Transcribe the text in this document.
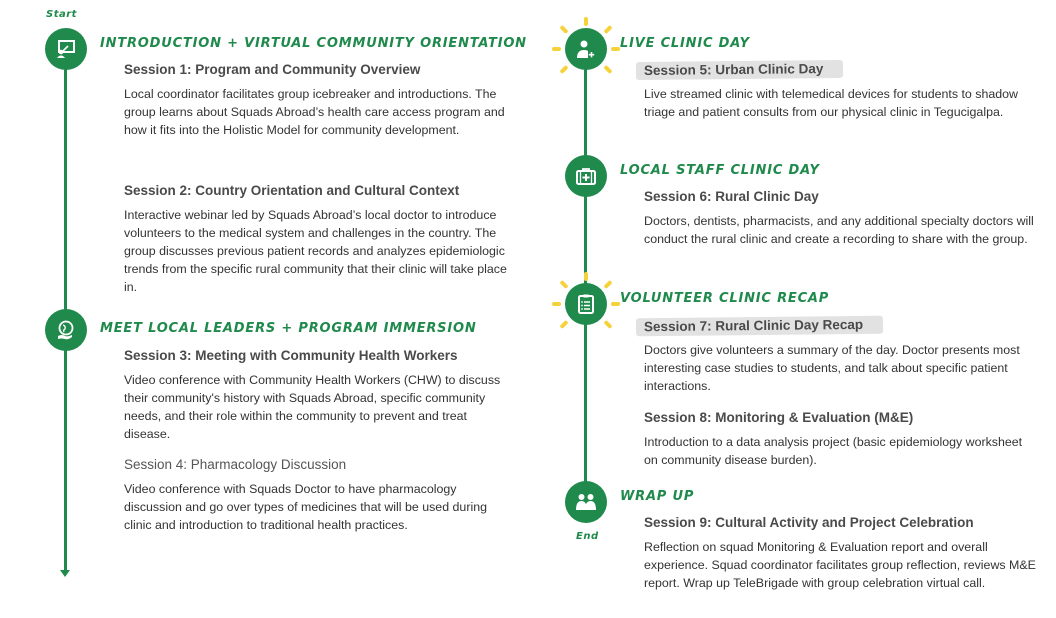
Start
INTRODUCTION + VIRTUAL COMMUNITY ORIENTATION
Session 1: Program and Community Overview
Local coordinator facilitates group icebreaker and introductions. The group learns about Squads Abroad’s health care access program and how it fits into the Holistic Model for community development.
Session 2: Country Orientation and Cultural Context
Interactive webinar led by Squads Abroad’s local doctor to introduce volunteers to the medical system and challenges in the country. The group discusses previous patient records and analyzes epidemiologic trends from the specific rural community that their clinic will take place in.
MEET LOCAL LEADERS + PROGRAM IMMERSION
Session 3: Meeting with Community Health Workers
Video conference with Community Health Workers (CHW) to discuss their community's history with Squads Abroad, specific community needs, and their role within the community to prevent and treat disease.
Session 4: Pharmacology Discussion
Video conference with Squads Doctor to have pharmacology discussion and go over types of medicines that will be used during clinic and introduction to traditional health practices.
LIVE CLINIC DAY
Session 5: Urban Clinic Day
Live streamed clinic with telemedical devices for students to shadow triage and patient consults from our physical clinic in Tegucigalpa.
LOCAL STAFF CLINIC DAY
Session 6: Rural Clinic Day
Doctors, dentists, pharmacists, and any additional specialty doctors will conduct the rural clinic and create a recording to share with the group.
VOLUNTEER CLINIC RECAP
Session 7: Rural Clinic Day Recap
Doctors give volunteers a summary of the day. Doctor presents most interesting case studies to students, and talk about specific patient interactions.
Session 8: Monitoring & Evaluation (M&E)
Introduction to a data analysis project (basic epidemiology worksheet on community disease burden).
WRAP UP
End
Session 9: Cultural Activity and Project Celebration
Reflection on squad Monitoring & Evaluation report and overall experience. Squad coordinator facilitates group reflection, reviews M&E report. Wrap up TeleBrigade with group celebration virtual call.
